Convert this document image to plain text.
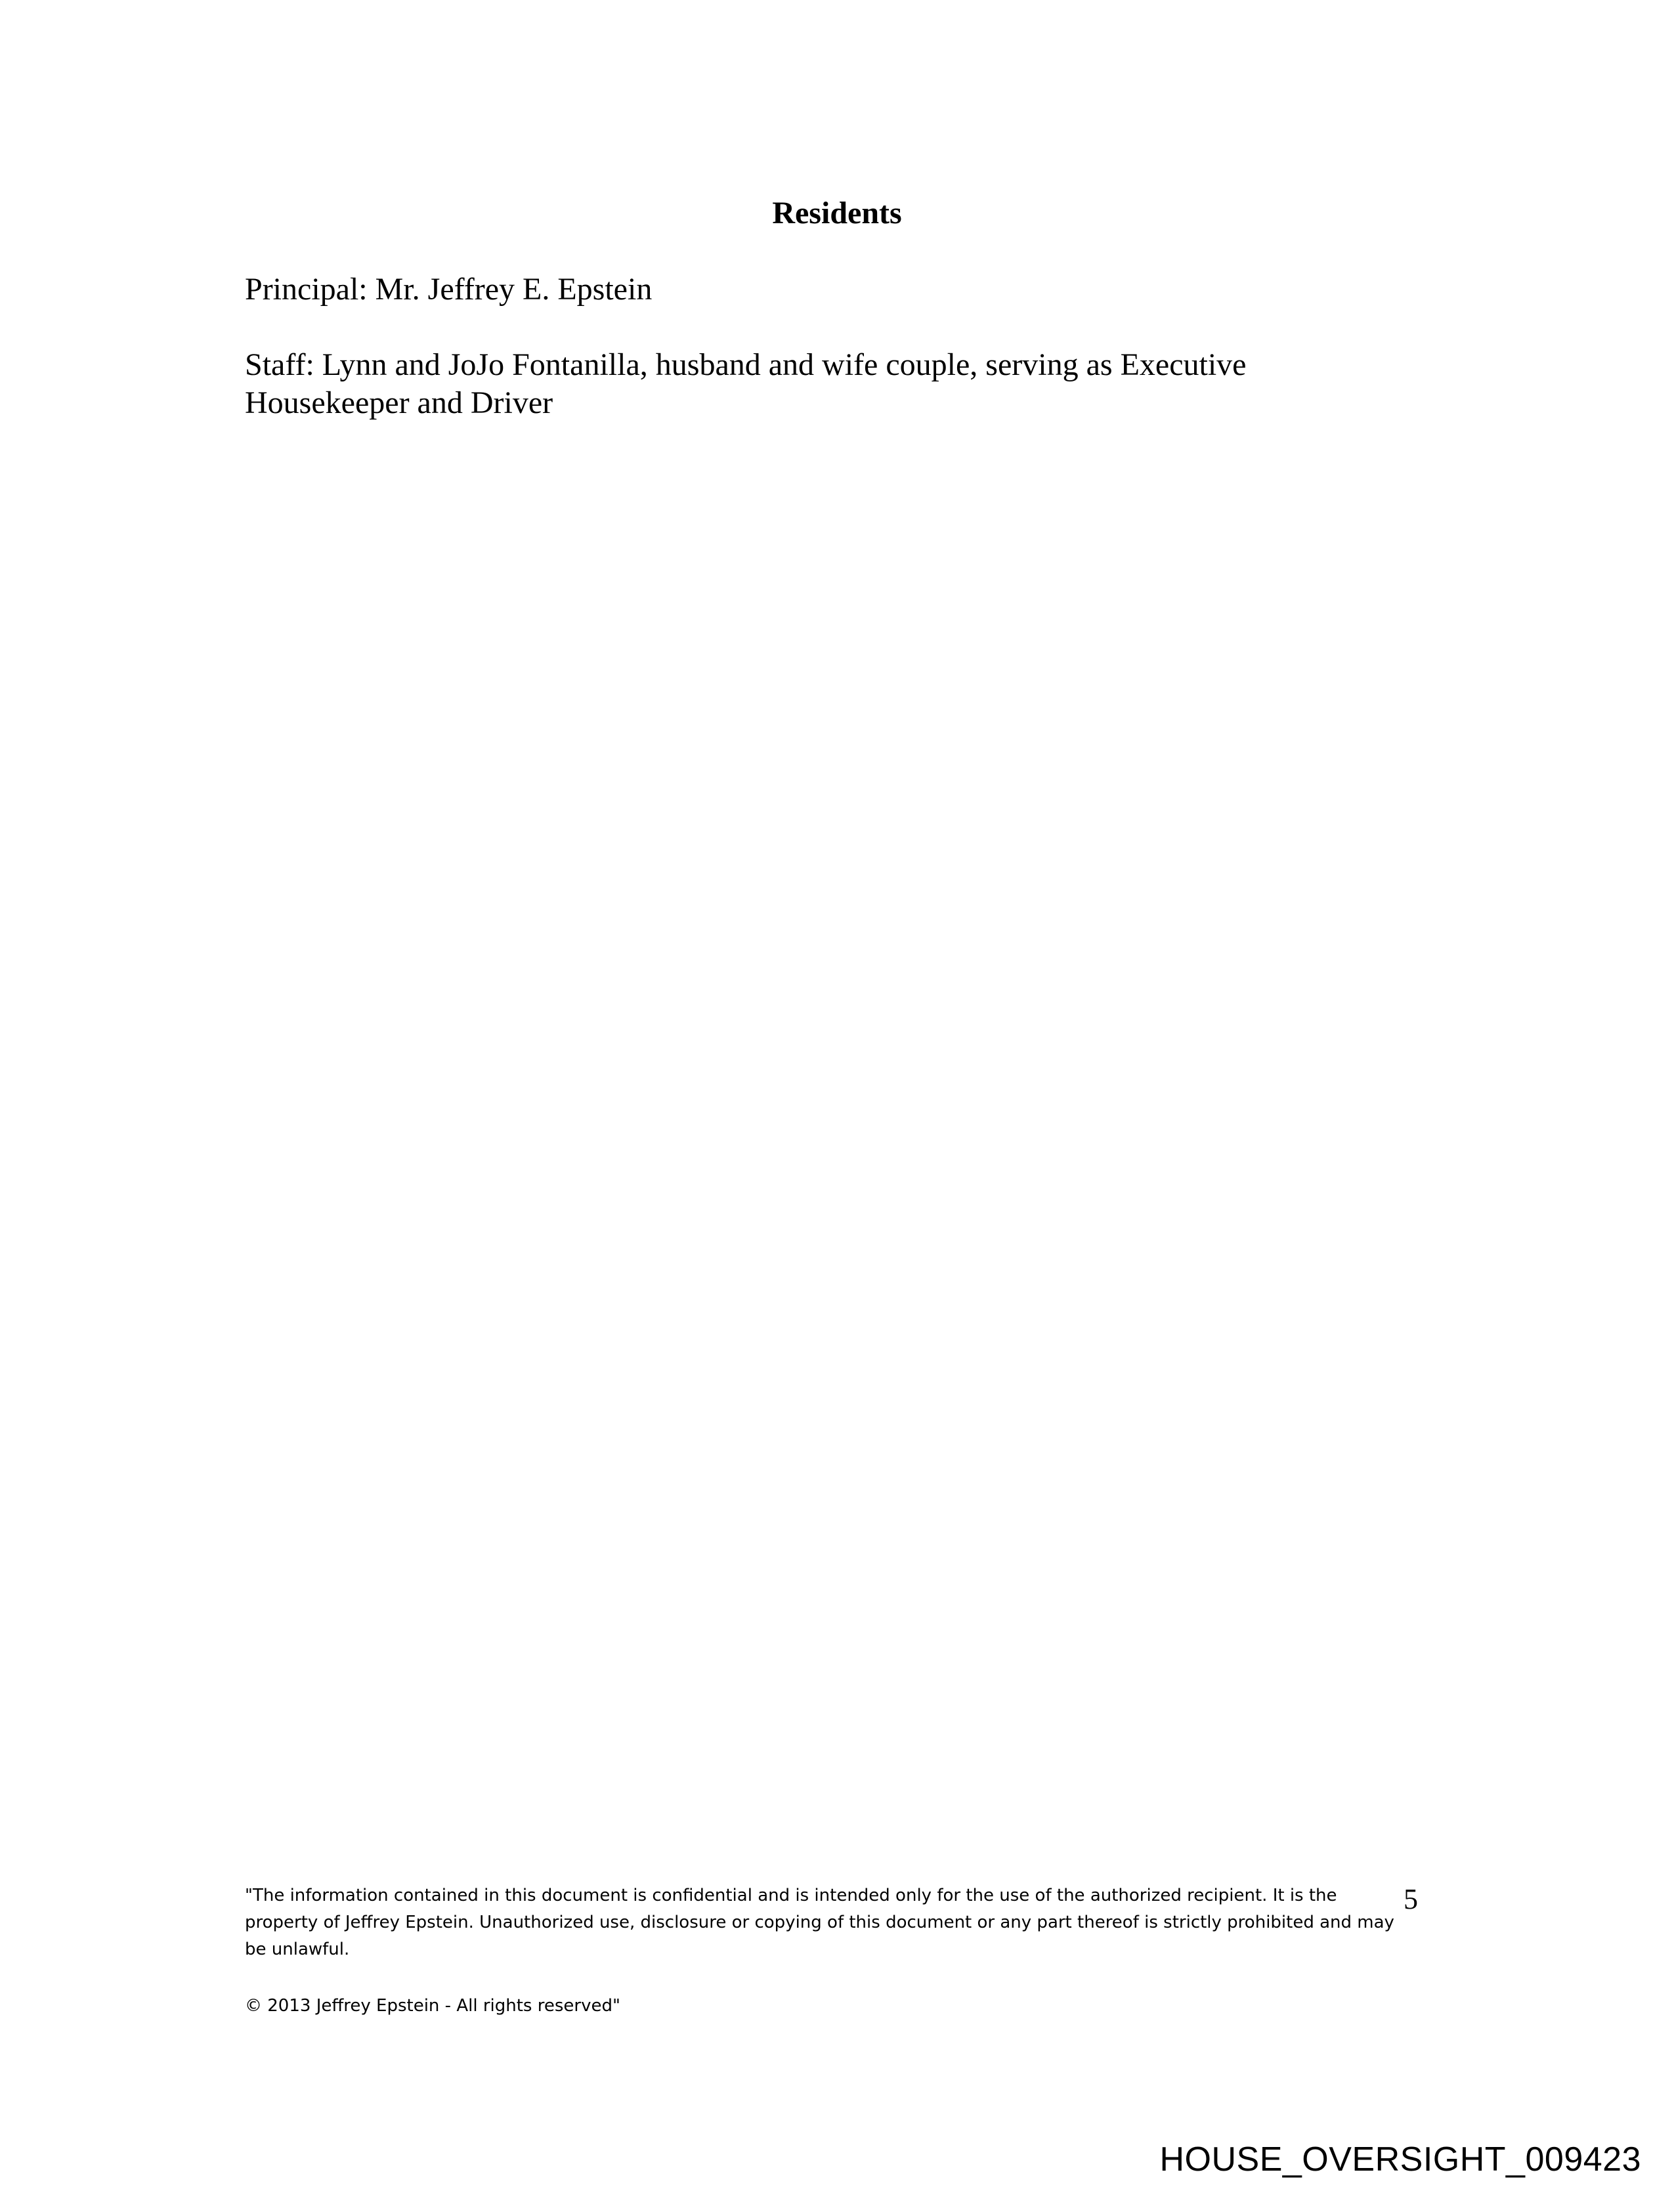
Residents

Principal: Mr. Jeffrey E. Epstein

Staff: Lynn and JoJo Fontanilla, husband and wife couple, serving as Executive Housekeeper and Driver

"The information contained in this document is confidential and is intended only for the use of the authorized recipient. It is the property of Jeffrey Epstein. Unauthorized use, disclosure or copying of this document or any part thereof is strictly prohibited and may be unlawful.

5

© 2013 Jeffrey Epstein - All rights reserved"

HOUSE_OVERSIGHT_009423
